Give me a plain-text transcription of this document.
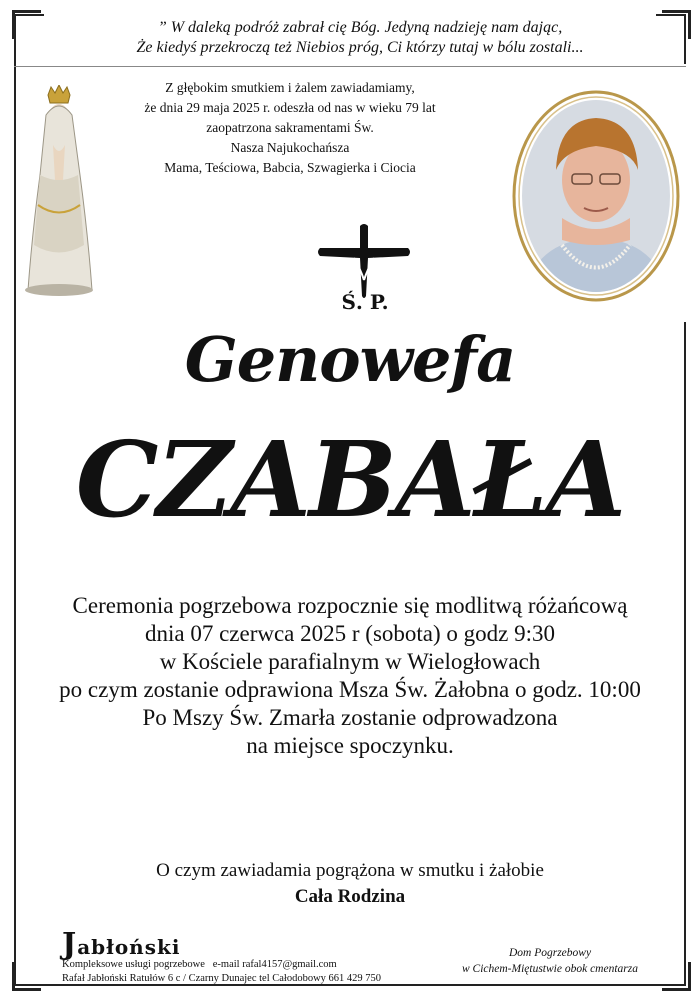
” W daleką podróż zabrał cię Bóg. Jedyną nadzieję nam dając,
Że kiedyś przekroczą też Niebios próg, Ci którzy tutaj w bólu zostali...
Z głębokim smutkiem i żalem zawiadamiamy,
że dnia 29 maja 2025 r. odeszła od nas w wieku 79 lat
zaopatrzona sakramentami Św.
Nasza Najukochańsza
Mama, Teściowa, Babcia, Szwagierka i Ciocia
Ś. P.
Genowefa
CZABAŁA
Ceremonia pogrzebowa rozpocznie się modlitwą różańcową
dnia 07 czerwca 2025 r (sobota) o godz 9:30
w Kościele parafialnym w Wielogłowach
po czym zostanie odprawiona Msza Św. Żałobna o godz. 10:00
Po Mszy Św. Zmarła zostanie odprowadzona
na miejsce spoczynku.
O czym zawiadamia pogrążona w smutku i żałobie
Cała Rodzina
Jabłoński
Kompleksowe usługi pogrzebowe e-mail rafal4157@gmail.com
Rafał Jabłoński Ratułów 6 c / Czarny Dunajec tel Całodobowy 661 429 750
Dom Pogrzebowy
w Cichem-Miętustwie obok cmentarza
